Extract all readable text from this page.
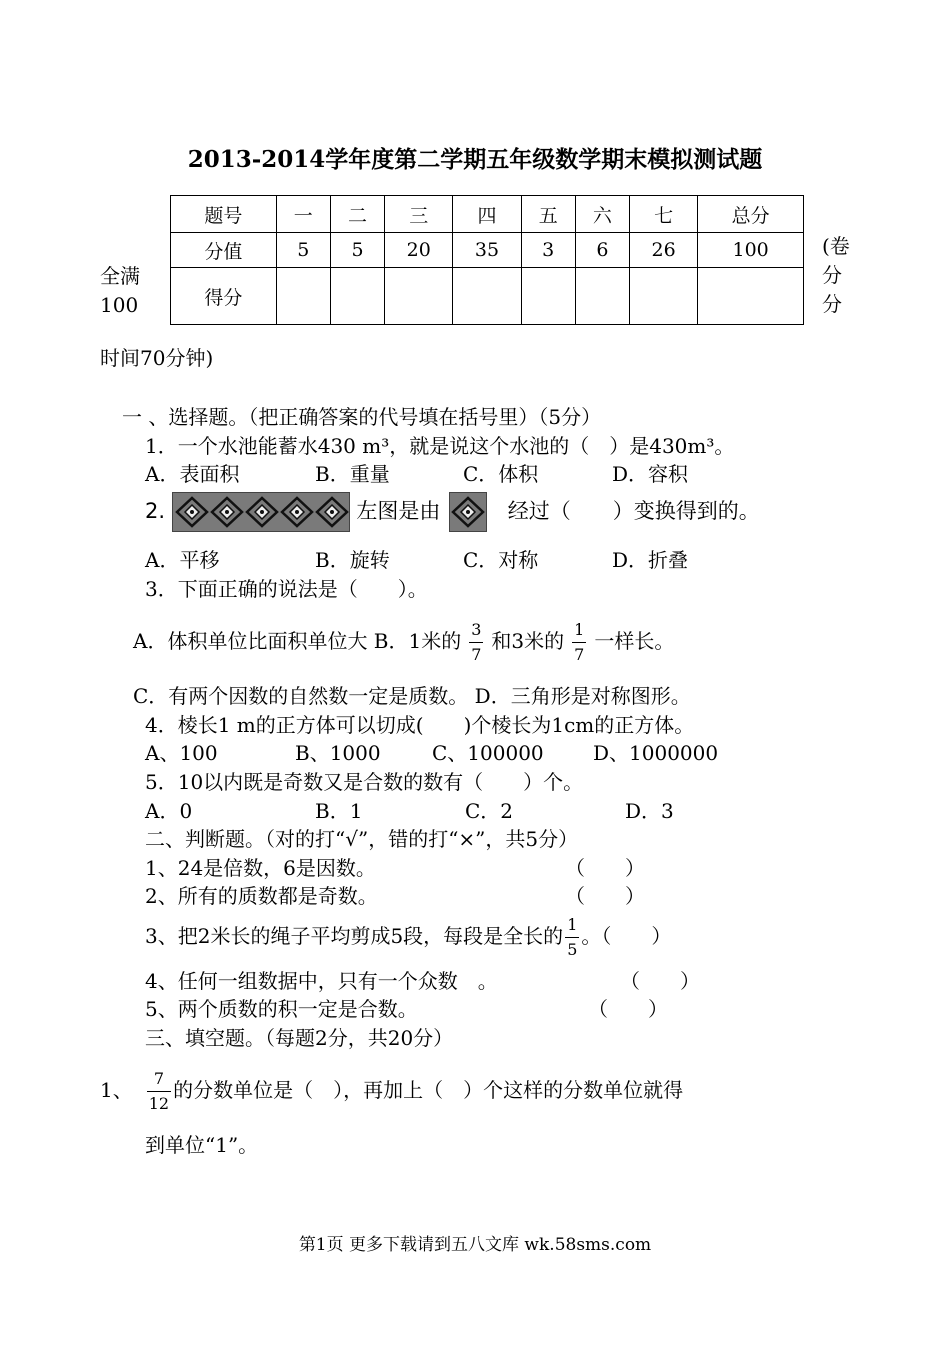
2013-2014学年度第二学期五年级数学期末模拟测试题
题号	一	二	三	四	五	六	七	总分
分值	5	5	20	35	3	6	26	100
得分								
全满100
(卷分分
时间70分钟)
一 、选择题。（把正确答案的代号填在括号里）（5分）
1．一个水池能蓄水430 m³，就是说这个水池的（　）是430m³。
A．表面积	B．重量	C．体积	D．容积
2.	左图是由	经过（　　）变换得到的。
A．平移	B．旋转	C．对称	D．折叠
3．下面正确的说法是（　　）。
A．体积单位比面积单位大 B．1米的 $\frac{3}{7}$ 和3米的 $\frac{1}{7}$ 一样长。
C．有两个因数的自然数一定是质数。 D．三角形是对称图形。
4．棱长1 m的正方体可以切成(　　)个棱长为1cm的正方体。
A、100	B、1000	C、100000 D、1000000
5．10以内既是奇数又是合数的数有（　　）个。
A．0	B．1	C．2	D．3
二、判断题。（对的打“√”，错的打“×”，共5分）
1、24是倍数，6是因数。	（　　）
2、所有的质数都是奇数。	（　　）
3、把2米长的绳子平均剪成5段，每段是全长的 $\frac{1}{5}$ 。（　　）
4、任何一组数据中，只有一个众数　。	（　　）
5、两个质数的积一定是合数。	（　　）
三、填空题。（每题2分，共20分）
1、 $\frac{7}{12}$ 的分数单位是（　），再加上（　）个这样的分数单位就得
到单位“1”。
第1页 更多下载请到五八文库 wk.58sms.com
